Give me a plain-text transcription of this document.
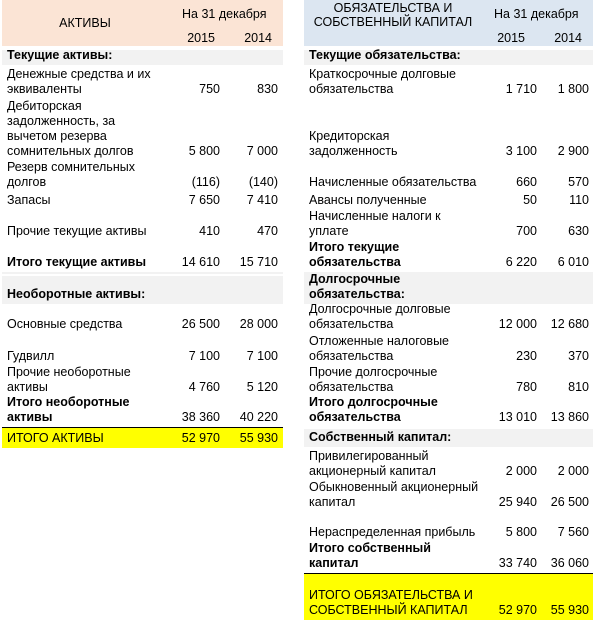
АКТИВЫ
На 31 декабря
2015	2014
Текущие активы:
Денежные средства и их эквиваленты	750	830
Дебиторская задолженность, за вычетом резерва сомнительных долгов	5 800	7 000
Резерв сомнительных долгов	(116)	(140)
Запасы	7 650	7 410
Прочие текущие активы	410	470
Итого текущие активы	14 610	15 710
Необоротные активы:
Основные средства	26 500	28 000
Гудвилл	7 100	7 100
Прочие необоротные активы	4 760	5 120
Итого необоротные активы	38 360	40 220
ИТОГО АКТИВЫ	52 970	55 930
ОБЯЗАТЕЛЬСТВА И СОБСТВЕННЫЙ КАПИТАЛ
На 31 декабря
2015	2014
Текущие обязательства:
Краткосрочные долговые обязательства	1 710	1 800
Кредиторская задолженность	3 100	2 900
Начисленные обязательства	660	570
Авансы полученные	50	110
Начисленные налоги к уплате	700	630
Итого текущие обязательства	6 220	6 010
Долгосрочные обязательства:
Долгосрочные долговые обязательства	12 000	12 680
Отложенные налоговые обязательства	230	370
Прочие долгосрочные обязательства	780	810
Итого долгосрочные обязательства	13 010	13 860
Собственный капитал:
Привилегированный акционерный капитал	2 000	2 000
Обыкновенный акционерный капитал	25 940	26 500
Нераспределенная прибыль	5 800	7 560
Итого собственный капитал	33 740	36 060
ИТОГО ОБЯЗАТЕЛЬСТВА И СОБСТВЕННЫЙ КАПИТАЛ	52 970	55 930
